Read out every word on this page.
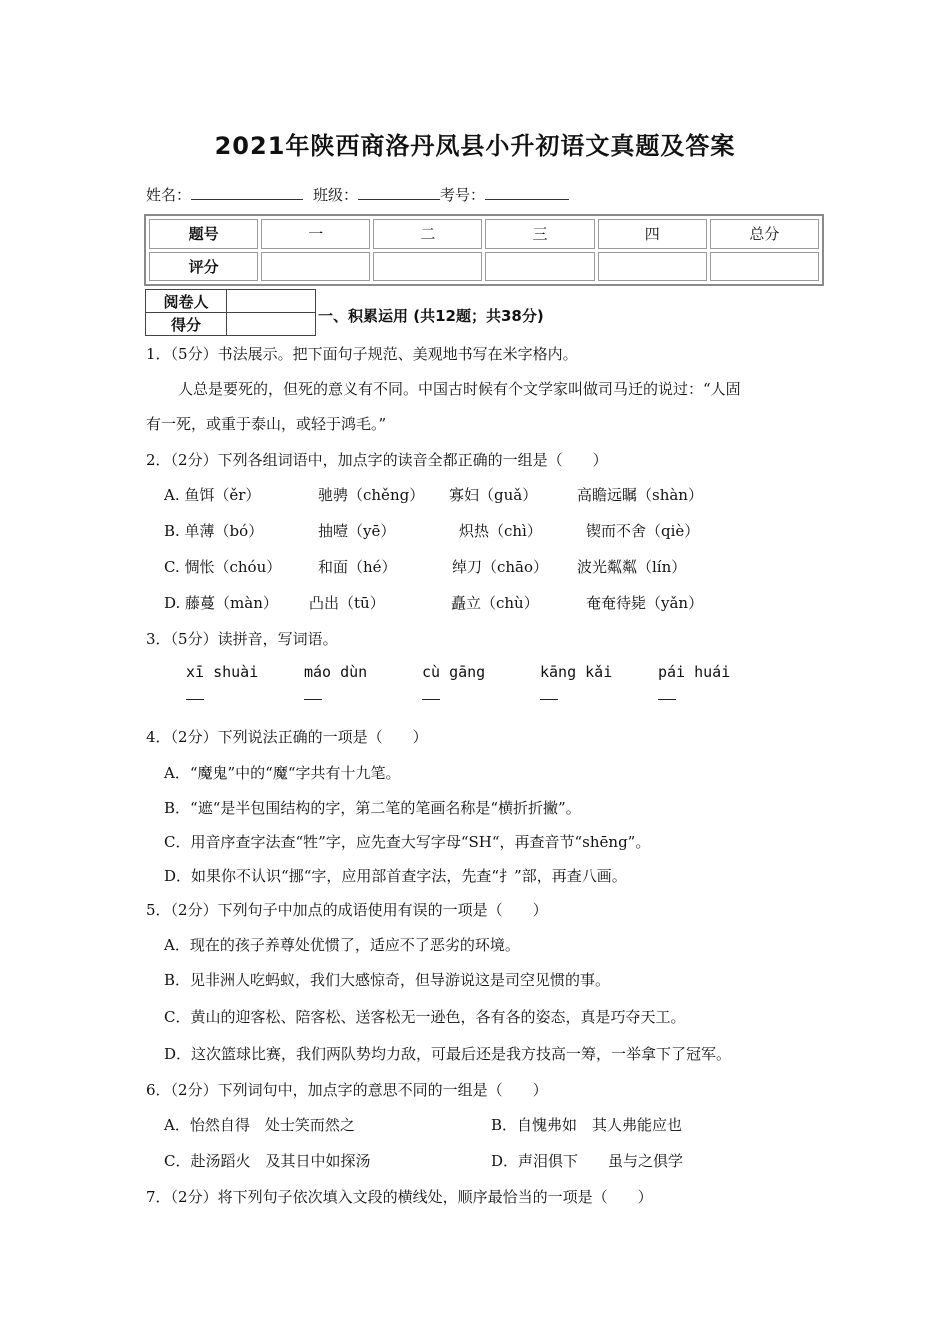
2021年陕西商洛丹凤县小升初语文真题及答案
姓名：	班级：	考号：
题号	一	二	三	四	总分
评分					
阅卷人	
得分		一、积累运用 (共12题；共38分)
1．（5分）书法展示。把下面句子规范、美观地书写在米字格内。
人总是要死的，但死的意义有不同。中国古时候有个文学家叫做司马迁的说过：“人固
有一死，或重于泰山，或轻于鸿毛。”
2．（2分）下列各组词语中，加点字的读音全都正确的一组是（　　）
A. 鱼饵（ěr）	驰骋（chěng） 寡妇（guǎ）	高瞻远瞩（shàn）
B. 单薄（bó）	抽噎（yē）	炽热（chì）	锲而不舍（qiè）
C. 惆怅（chóu） 和面（hé）	绰刀（chāo） 波光粼粼（lín）
D. 藤蔓（màn） 凸出（tū）	矗立（chù）	奄奄待毙（yǎn）
3．（5分）读拼音，写词语。
xī shuài	máo dùn	cù gāng	kāng kǎi	pái huái
4．（2分）下列说法正确的一项是（　　）
A．“魔鬼”中的“魔“字共有十九笔。
B．“遮“是半包围结构的字，第二笔的笔画名称是“横折折撇”。
C．用音序查字法查“牲”字，应先查大写字母“SH“，再查音节“shēng”。
D．如果你不认识“挪“字，应用部首查字法，先查“扌”部，再查八画。
5．（2分）下列句子中加点的成语使用有误的一项是（　　）
A．现在的孩子养尊处优惯了，适应不了恶劣的环境。
B．见非洲人吃蚂蚁，我们大感惊奇，但导游说这是司空见惯的事。
C．黄山的迎客松、陪客松、送客松无一逊色，各有各的姿态，真是巧夺天工。
D．这次篮球比赛，我们两队势均力敌，可最后还是我方技高一筹，一举拿下了冠军。
6．（2分）下列词句中，加点字的意思不同的一组是（　　）
A．怡然自得　处士笑而然之	B．自愧弗如　其人弗能应也
C．赴汤蹈火　及其日中如探汤	D．声泪俱下　　虽与之俱学
7．（2分）将下列句子依次填入文段的横线处，顺序最恰当的一项是（　　）
